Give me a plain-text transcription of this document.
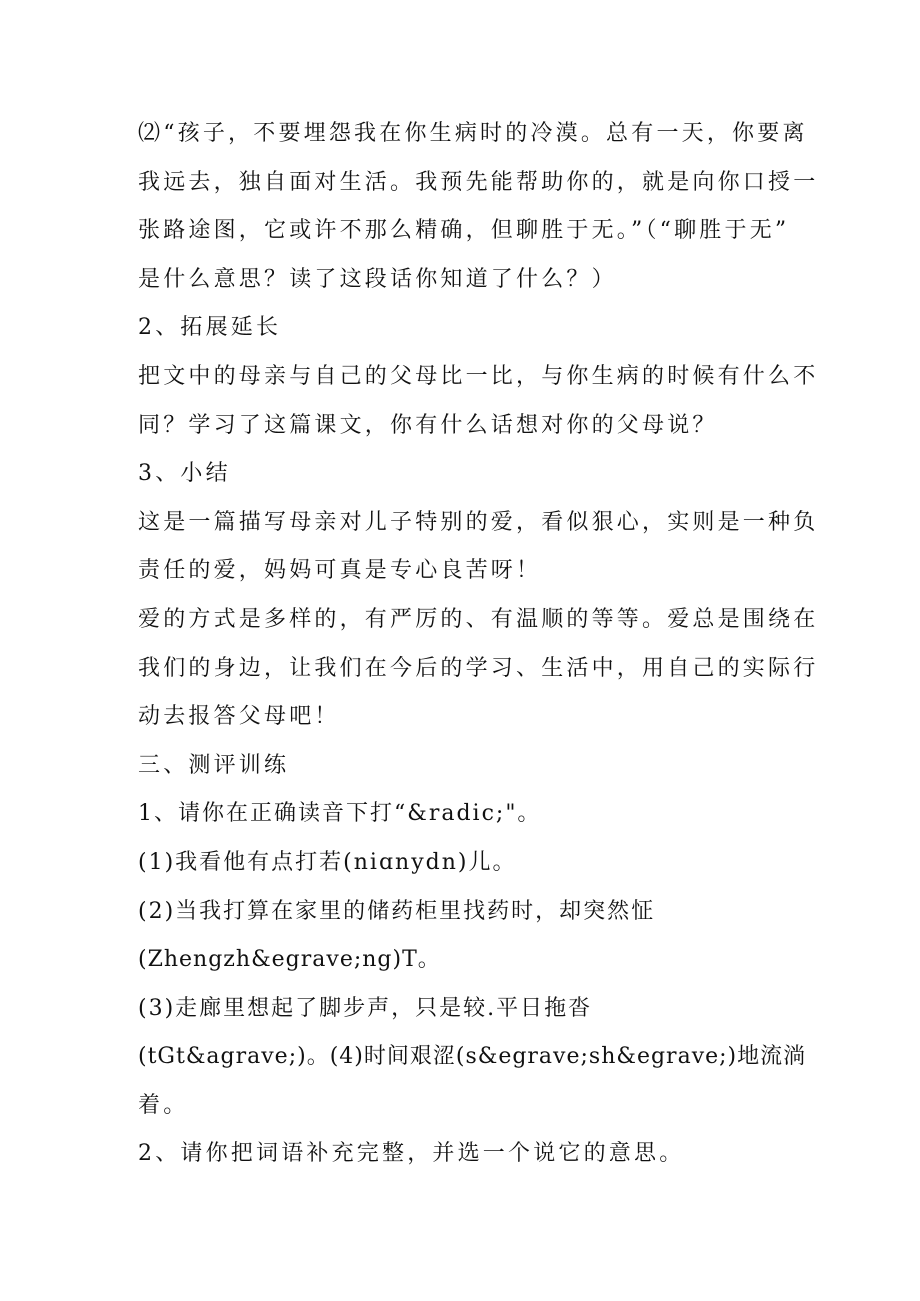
⑵“孩子，不要埋怨我在你生病时的冷漠。总有一天，你要离
我远去，独自面对生活。我预先能帮助你的，就是向你口授一
张路途图，它或许不那么精确，但聊胜于无。”（“聊胜于无”
是什么意思？读了这段话你知道了什么？）
2、拓展延长
把文中的母亲与自己的父母比一比，与你生病的时候有什么不
同？学习了这篇课文，你有什么话想对你的父母说？
3、小结
这是一篇描写母亲对儿子特别的爱，看似狠心，实则是一种负
责任的爱，妈妈可真是专心良苦呀！
爱的方式是多样的，有严厉的、有温顺的等等。爱总是围绕在
我们的身边，让我们在今后的学习、生活中，用自己的实际行
动去报答父母吧！
三、测评训练
1、请你在正确读音下打“&radic;"。
(1)我看他有点打若(niɑnydn)儿。
(2)当我打算在家里的储药柜里找药时，却突然怔
(Zhengzh&egrave;ng)T。
(3)走廊里想起了脚步声，只是较.平日拖沓
(tGt&agrave;)。(4)时间艰涩(s&egrave;sh&egrave;)地流淌
着。
2、请你把词语补充完整，并选一个说它的意思。
